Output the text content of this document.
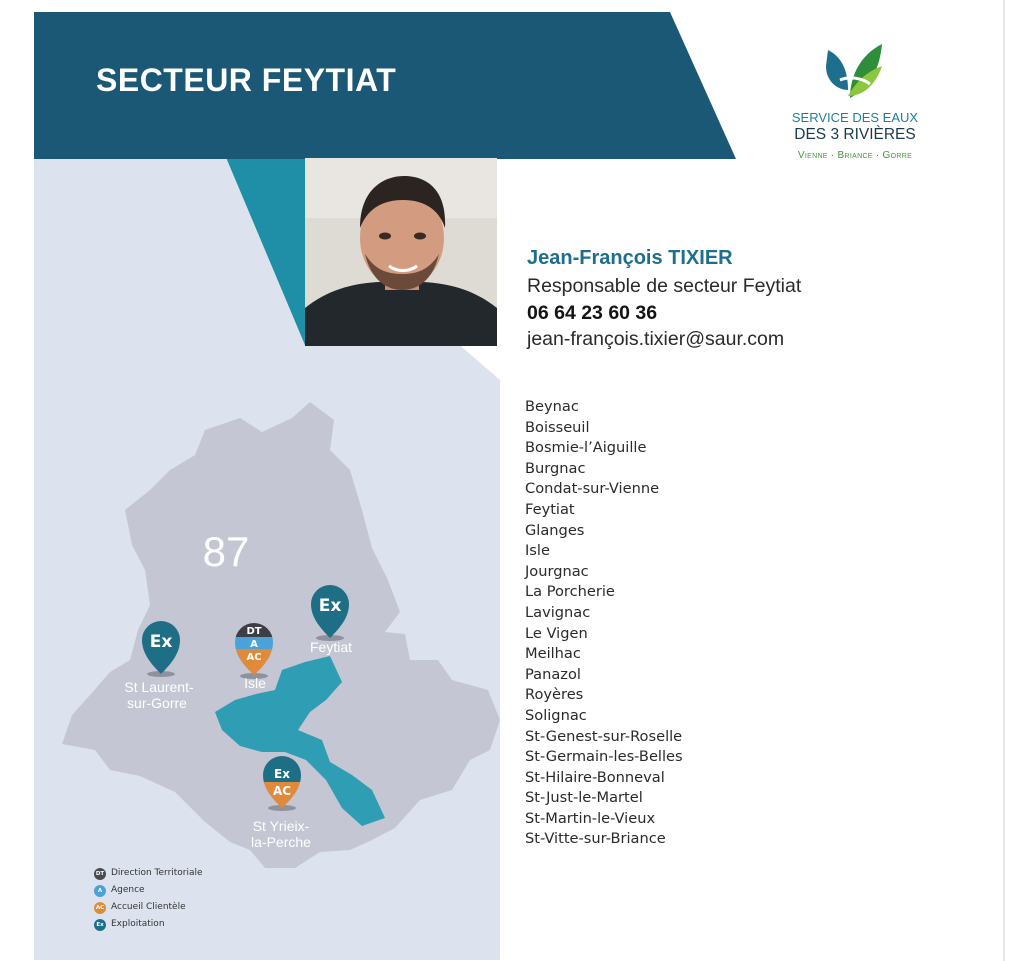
SECTEUR FEYTIAT
SERVICE DES EAUX
DES 3 RIVIÈRES
Vienne · Briance · Gorre
Jean-François TIXIER
Responsable de secteur Feytiat
06 64 23 60 36
jean-françois.tixier@saur.com
Beynac
Boisseuil
Bosmie-l’Aiguille
Burgnac
Condat-sur-Vienne
Feytiat
Glanges
Isle
Jourgnac
La Porcherie
Lavignac
Le Vigen
Meilhac
Panazol
Royères
Solignac
St-Genest-sur-Roselle
St-Germain-les-Belles
St-Hilaire-Bonneval
St-Just-le-Martel
St-Martin-le-Vieux
St-Vitte-sur-Briance
87
Ex
Feytiat
Ex
St Laurent-
sur-Gorre
DT
A
AC
Isle
Ex
AC
St Yrieix-
la-Perche
DT Direction Territoriale
A Agence
AC Accueil Clientèle
Ex Exploitation
